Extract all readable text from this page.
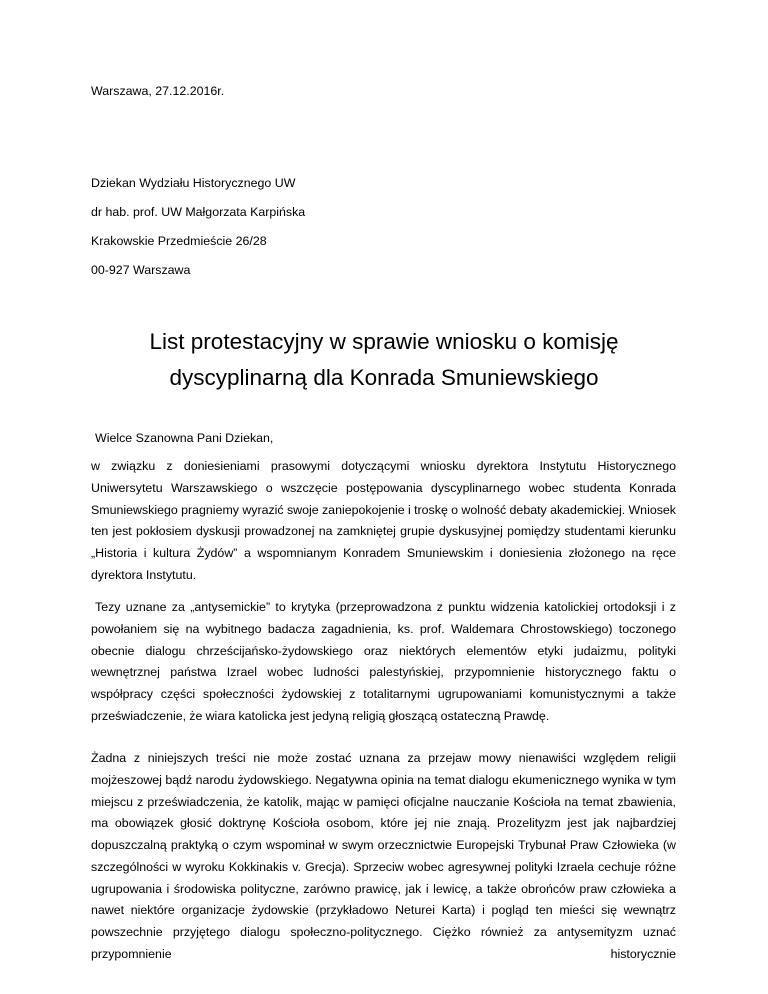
Warszawa, 27.12.2016r.
Dziekan Wydziału Historycznego UW
dr hab. prof. UW Małgorzata Karpińska
Krakowskie Przedmieście 26/28
00-927 Warszawa
List protestacyjny w sprawie wniosku o komisję
dyscyplinarną dla Konrada Smuniewskiego
Wielce Szanowna Pani Dziekan,
w związku z doniesieniami prasowymi dotyczącymi wniosku dyrektora Instytutu Historycznego Uniwersytetu Warszawskiego o wszczęcie postępowania dyscyplinarnego wobec studenta Konrada Smuniewskiego pragniemy wyrazić swoje zaniepokojenie i troskę o wolność debaty akademickiej. Wniosek ten jest pokłosiem dyskusji prowadzonej na zamkniętej grupie dyskusyjnej pomiędzy studentami kierunku „Historia i kultura Żydów” a wspomnianym Konradem Smuniewskim i doniesienia złożonego na ręce dyrektora Instytutu.
Tezy uznane za „antysemickie” to krytyka (przeprowadzona z punktu widzenia katolickiej ortodoksji i z powołaniem się na wybitnego badacza zagadnienia, ks. prof. Waldemara Chrostowskiego) toczonego obecnie dialogu chrześcijańsko-żydowskiego oraz niektórych elementów etyki judaizmu, polityki wewnętrznej państwa Izrael wobec ludności palestyńskiej, przypomnienie historycznego faktu o współpracy części społeczności żydowskiej z totalitarnymi ugrupowaniami komunistycznymi a także przeświadczenie, że wiara katolicka jest jedyną religią głoszącą ostateczną Prawdę.
Żadna z niniejszych treści nie może zostać uznana za przejaw mowy nienawiści względem religii mojżeszowej bądź narodu żydowskiego. Negatywna opinia na temat dialogu ekumenicznego wynika w tym miejscu z przeświadczenia, że katolik, mając w pamięci oficjalne nauczanie Kościoła na temat zbawienia, ma obowiązek głosić doktrynę Kościoła osobom, które jej nie znają. Prozelityzm jest jak najbardziej dopuszczalną praktyką o czym wspominał w swym orzecznictwie Europejski Trybunał Praw Człowieka (w szczególności w wyroku Kokkinakis v. Grecja). Sprzeciw wobec agresywnej polityki Izraela cechuje różne ugrupowania i środowiska polityczne, zarówno prawicę, jak i lewicę, a także obrońców praw człowieka a nawet niektóre organizacje żydowskie (przykładowo Neturei Karta) i pogląd ten mieści się wewnątrz powszechnie przyjętego dialogu społeczno-politycznego. Ciężko również za antysemityzm uznać przypomnienie historycznie
